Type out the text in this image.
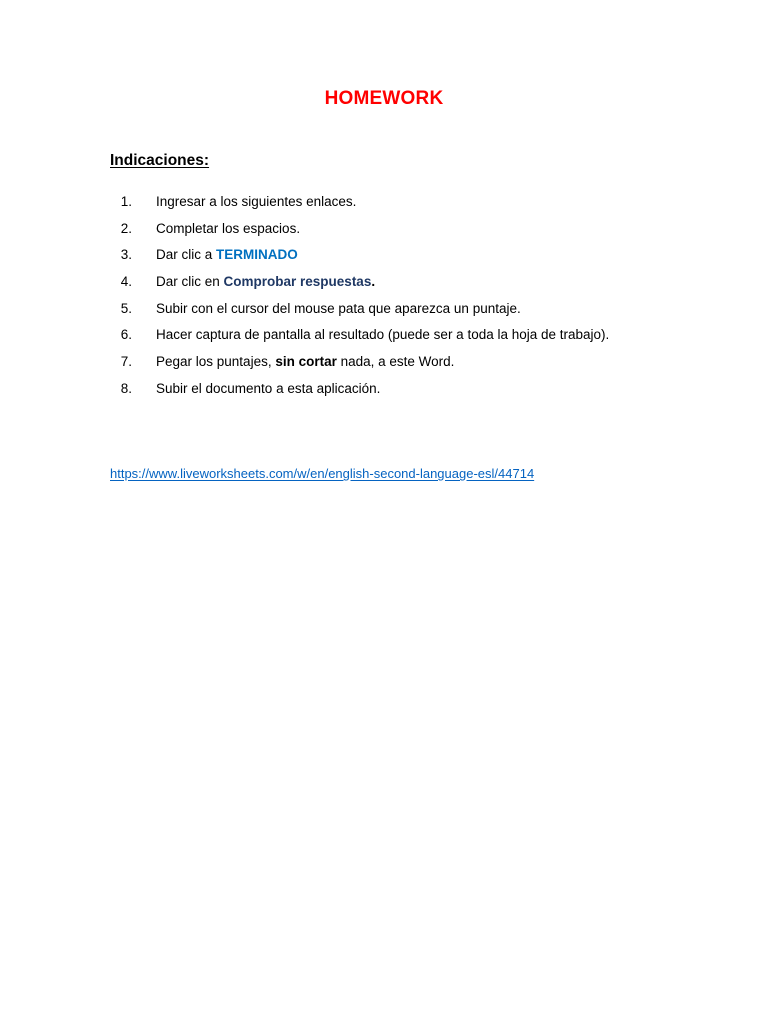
HOMEWORK
Indicaciones:
1. Ingresar a los siguientes enlaces.
2. Completar los espacios.
3. Dar clic a TERMINADO
4. Dar clic en Comprobar respuestas.
5. Subir con el cursor del mouse pata que aparezca un puntaje.
6. Hacer captura de pantalla al resultado (puede ser a toda la hoja de trabajo).
7. Pegar los puntajes, sin cortar nada, a este Word.
8. Subir el documento a esta aplicación.
https://www.liveworksheets.com/w/en/english-second-language-esl/44714
